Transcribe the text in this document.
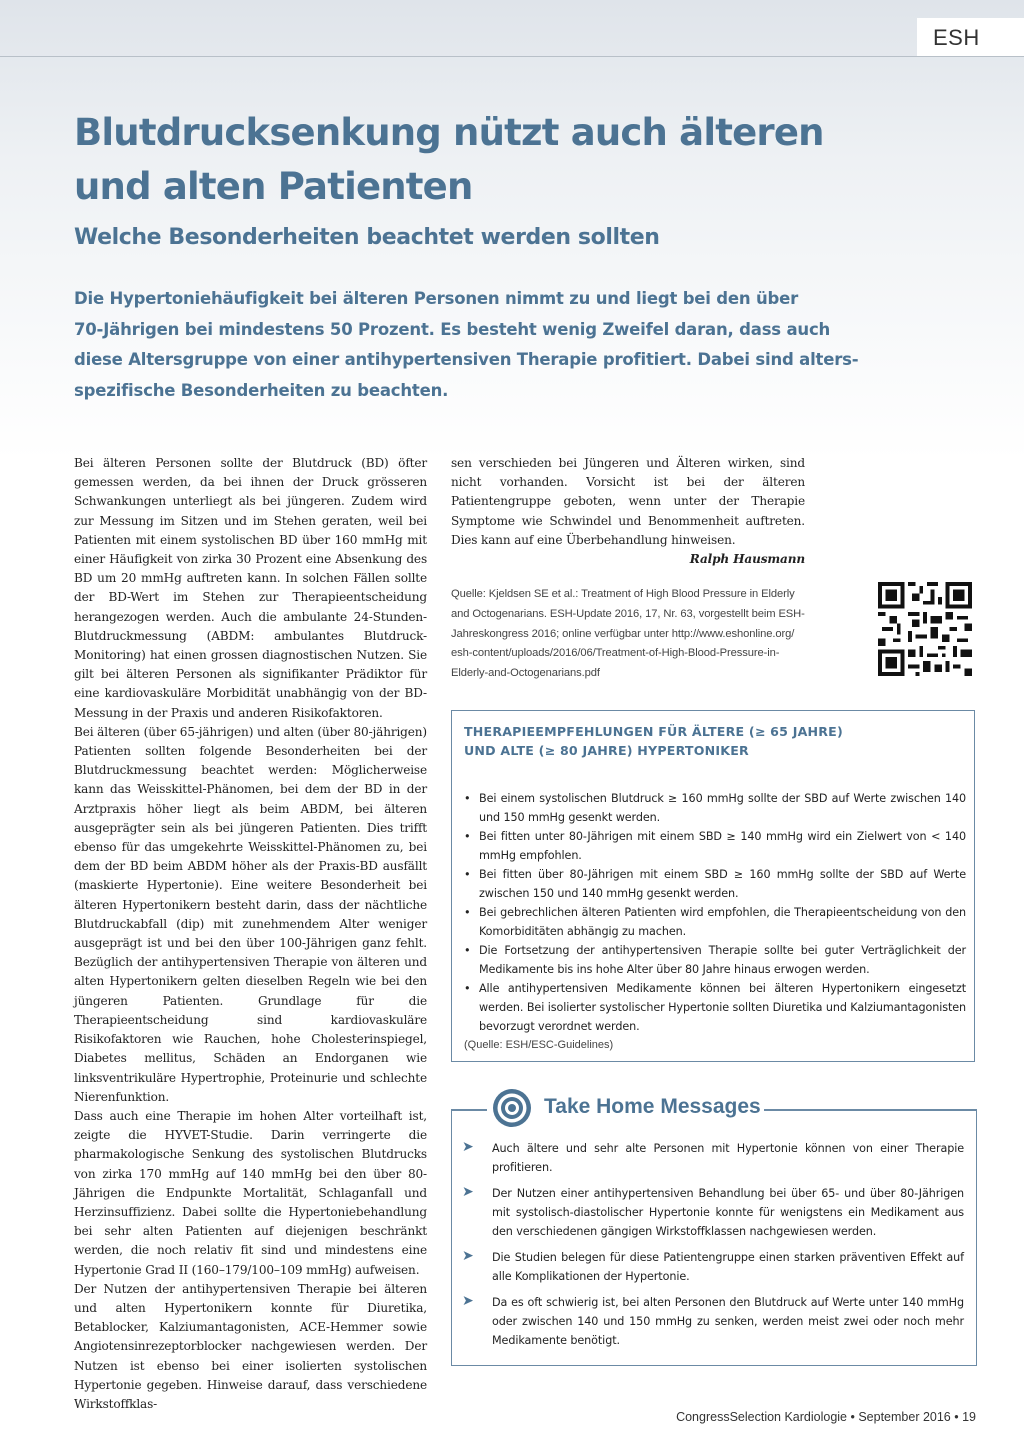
ESH
Blutdrucksenkung nützt auch älteren
und alten Patienten
Welche Besonderheiten beachtet werden sollten
Die Hypertoniehäufigkeit bei älteren Personen nimmt zu und liegt bei den über
70-Jährigen bei mindestens 50 Prozent. Es besteht wenig Zweifel daran, dass auch
diese Altersgruppe von einer antihypertensiven Therapie profitiert. Dabei sind alters-
spezifische Besonderheiten zu beachten.

Bei älteren Personen sollte der Blutdruck (BD) öfter gemessen werden, da bei ihnen der Druck grösseren Schwankungen unterliegt als bei jüngeren. Zudem wird zur Messung im Sitzen und im Stehen geraten, weil bei Patienten mit einem systolischen BD über 160 mmHg mit einer Häufigkeit von zirka 30 Prozent eine Absenkung des BD um 20 mmHg auftreten kann. In solchen Fällen sollte der BD-Wert im Stehen zur Therapieentscheidung herangezogen werden. Auch die ambulante 24-Stunden-Blutdruckmessung (ABDM: ambulantes Blutdruck-Monitoring) hat einen grossen diagnostischen Nutzen. Sie gilt bei älteren Personen als signifikanter Prädiktor für eine kardiovaskuläre Morbidität unabhängig von der BD-Messung in der Praxis und anderen Risikofaktoren.

Bei älteren (über 65-jährigen) und alten (über 80-jährigen) Patienten sollten folgende Besonderheiten bei der Blutdruckmessung beachtet werden: Möglicherweise kann das Weisskittel-Phänomen, bei dem der BD in der Arztpraxis höher liegt als beim ABDM, bei älteren ausgeprägter sein als bei jüngeren Patienten. Dies trifft ebenso für das umgekehrte Weisskittel-Phänomen zu, bei dem der BD beim ABDM höher als der Praxis-BD ausfällt (maskierte Hypertonie). Eine weitere Besonderheit bei älteren Hypertonikern besteht darin, dass der nächtliche Blutdruckabfall (dip) mit zunehmendem Alter weniger ausgeprägt ist und bei den über 100-Jährigen ganz fehlt. Bezüglich der antihypertensiven Therapie von älteren und alten Hypertonikern gelten dieselben Regeln wie bei den jüngeren Patienten. Grundlage für die Therapieentscheidung sind kardiovaskuläre Risikofaktoren wie Rauchen, hohe Cholesterinspiegel, Diabetes mellitus, Schäden an Endorganen wie linksventrikuläre Hypertrophie, Proteinurie und schlechte Nierenfunktion.

Dass auch eine Therapie im hohen Alter vorteilhaft ist, zeigte die HYVET-Studie. Darin verringerte die pharmakologische Senkung des systolischen Blutdrucks von zirka 170 mmHg auf 140 mmHg bei den über 80-Jährigen die Endpunkte Mortalität, Schlaganfall und Herzinsuffizienz. Dabei sollte die Hypertoniebehandlung bei sehr alten Patienten auf diejenigen beschränkt werden, die noch relativ fit sind und mindestens eine Hypertonie Grad II (160–179/100–109 mmHg) aufweisen.

Der Nutzen der antihypertensiven Therapie bei älteren und alten Hypertonikern konnte für Diuretika, Betablocker, Kalziumantagonisten, ACE-Hemmer sowie Angiotensinrezeptorblocker nachgewiesen werden. Der Nutzen ist ebenso bei einer isolierten systolischen Hypertonie gegeben. Hinweise darauf, dass verschiedene Wirkstoffklas-

sen verschieden bei Jüngeren und Älteren wirken, sind nicht vorhanden. Vorsicht ist bei der älteren Patientengruppe geboten, wenn unter der Therapie Symptome wie Schwindel und Benommenheit auftreten. Dies kann auf eine Überbehandlung hinweisen.

Ralph Hausmann

Quelle: Kjeldsen SE et al.: Treatment of High Blood Pressure in Elderly
and Octogenarians. ESH-Update 2016, 17, Nr. 63, vorgestellt beim ESH-
Jahreskongress 2016; online verfügbar unter http://www.eshonline.org/
esh-content/uploads/2016/06/Treatment-of-High-Blood-Pressure-in-
Elderly-and-Octogenarians.pdf
THERAPIEEMPFEHLUNGEN FÜR ÄLTERE (≥ 65 JAHRE)
UND ALTE (≥ 80 JAHRE) HYPERTONIKER
• Bei einem systolischen Blutdruck ≥ 160 mmHg sollte der SBD auf Werte zwischen 140 und 150 mmHg gesenkt werden.
• Bei fitten unter 80-Jährigen mit einem SBD ≥ 140 mmHg wird ein Zielwert von < 140 mmHg empfohlen.
• Bei fitten über 80-Jährigen mit einem SBD ≥ 160 mmHg sollte der SBD auf Werte zwischen 150 und 140 mmHg gesenkt werden.
• Bei gebrechlichen älteren Patienten wird empfohlen, die Therapieentscheidung von den Komorbiditäten abhängig zu machen.
• Die Fortsetzung der antihypertensiven Therapie sollte bei guter Verträglichkeit der Medikamente bis ins hohe Alter über 80 Jahre hinaus erwogen werden.
• Alle antihypertensiven Medikamente können bei älteren Hypertonikern eingesetzt werden. Bei isolierter systolischer Hypertonie sollten Diuretika und Kalziumantagonisten bevorzugt verordnet werden.

(Quelle: ESH/ESC-Guidelines)

Take Home Messages
➤ Auch ältere und sehr alte Personen mit Hypertonie können von einer Therapie profitieren.
➤ Der Nutzen einer antihypertensiven Behandlung bei über 65- und über 80-Jährigen mit systolisch-diastolischer Hypertonie konnte für wenigstens ein Medikament aus den verschiedenen gängigen Wirkstoffklassen nachgewiesen werden.
➤ Die Studien belegen für diese Patientengruppe einen starken präventiven Effekt auf alle Komplikationen der Hypertonie.
➤ Da es oft schwierig ist, bei alten Personen den Blutdruck auf Werte unter 140 mmHg oder zwischen 140 und 150 mmHg zu senken, werden meist zwei oder noch mehr Medikamente benötigt.

CongressSelection Kardiologie • September 2016 • 19
